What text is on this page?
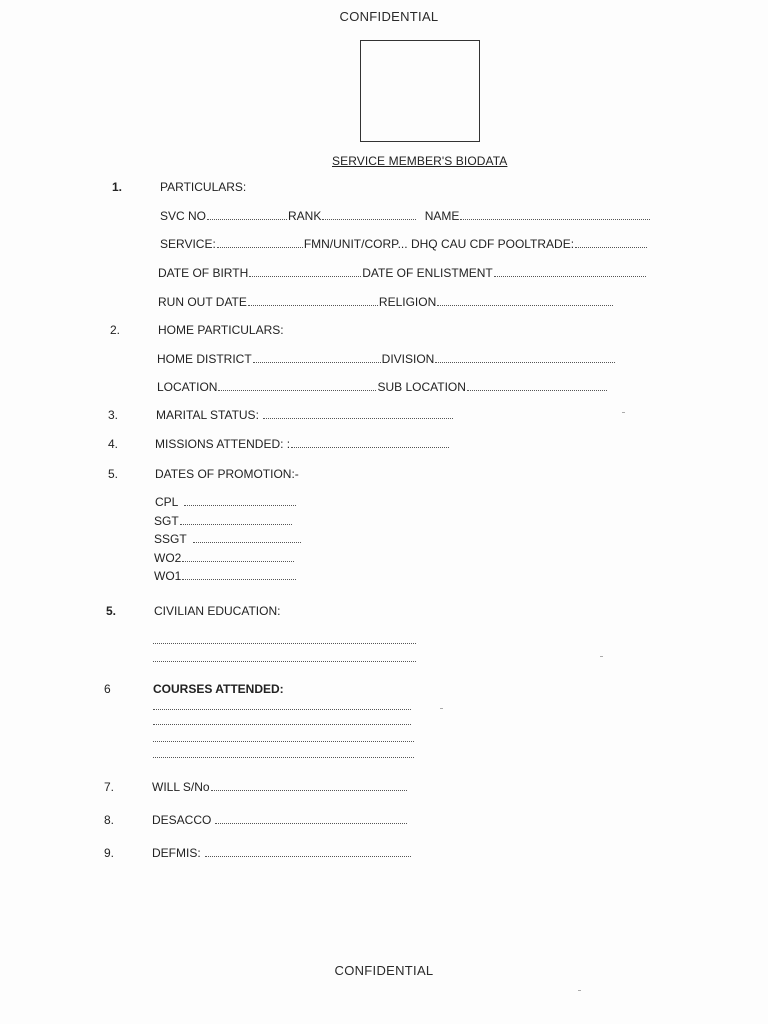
CONFIDENTIAL
SERVICE MEMBER'S BIODATA
1.	PARTICULARS:
SVC NO	RANK	NAME
SERVICE:	FMN/UNIT/CORP... DHQ CAU CDF POOLTRADE:
DATE OF BIRTH	DATE OF ENLISTMENT
RUN OUT DATE	RELIGION
2.	HOME PARTICULARS:
HOME DISTRICT	DIVISION
LOCATION	SUB LOCATION
3.	MARITAL STATUS:
4.	MISSIONS ATTENDED: :
5.	DATES OF PROMOTION:-
CPL
SGT
SSGT
WO2
WO1
5.	CIVILIAN EDUCATION:
6	COURSES ATTENDED:
7.	WILL S/No
8.	DESACCO
9.	DEFMIS:
CONFIDENTIAL
